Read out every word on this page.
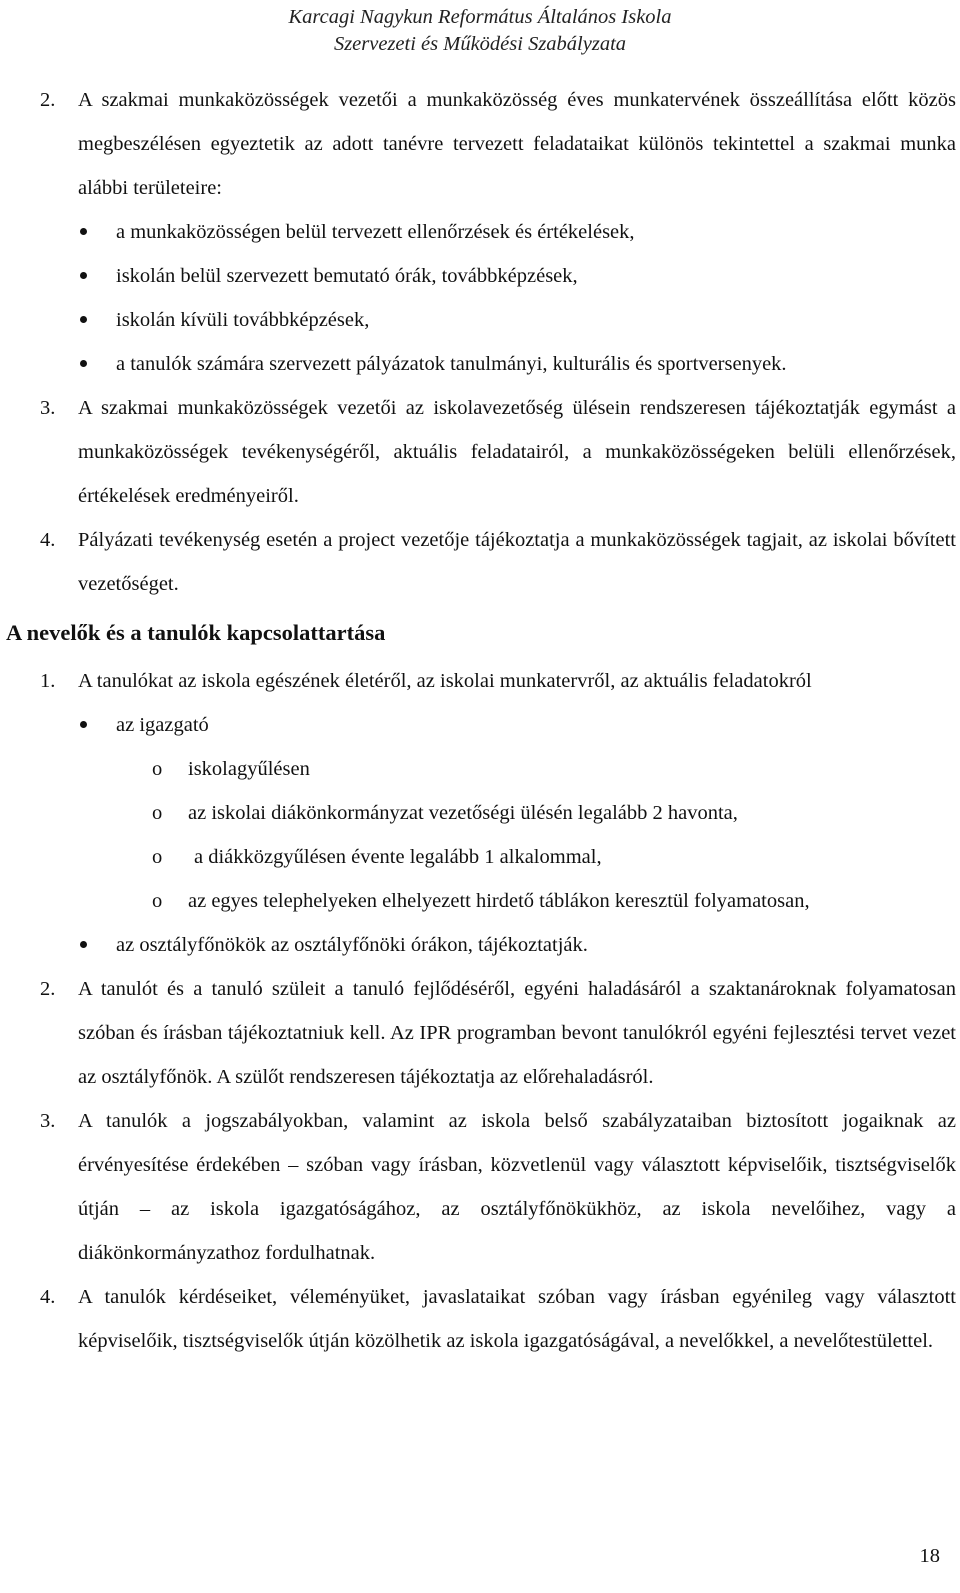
Karcagi Nagykun Református Általános Iskola
Szervezeti és Működési Szabályzata
2. A szakmai munkaközösségek vezetői a munkaközösség éves munkatervének összeállítása előtt közös megbeszélésen egyeztetik az adott tanévre tervezett feladataikat különös tekintettel a szakmai munka alábbi területeire:
a munkaközösségen belül tervezett ellenőrzések és értékelések,
iskolán belül szervezett bemutató órák, továbbképzések,
iskolán kívüli továbbképzések,
a tanulók számára szervezett pályázatok tanulmányi, kulturális és sportversenyek.
3. A szakmai munkaközösségek vezetői az iskolavezetőség ülésein rendszeresen tájékoztatják egymást a munkaközösségek tevékenységéről, aktuális feladatairól, a munkaközösségeken belüli ellenőrzések, értékelések eredményeiről.
4. Pályázati tevékenység esetén a project vezetője tájékoztatja a munkaközösségek tagjait, az iskolai bővített vezetőséget.
A nevelők és a tanulók kapcsolattartása
1. A tanulókat az iskola egészének életéről, az iskolai munkatervről, az aktuális feladatokról
az igazgató
o iskolagyűlésen
o az iskolai diákönkormányzat vezetőségi ülésén legalább 2 havonta,
o a diákközgyűlésen évente legalább 1 alkalommal,
o az egyes telephelyeken elhelyezett hirdető táblákon keresztül folyamatosan,
az osztályfőnökök az osztályfőnöki órákon, tájékoztatják.
2. A tanulót és a tanuló szüleit a tanuló fejlődéséről, egyéni haladásáról a szaktanároknak folyamatosan szóban és írásban tájékoztatniuk kell. Az IPR programban bevont tanulókról egyéni fejlesztési tervet vezet az osztályfőnök. A szülőt rendszeresen tájékoztatja az előrehaladásról.
3. A tanulók a jogszabályokban, valamint az iskola belső szabályzataiban biztosított jogaiknak az érvényesítése érdekében – szóban vagy írásban, közvetlenül vagy választott képviselőik, tisztségviselők útján – az iskola igazgatóságához, az osztályfőnökükhöz, az iskola nevelőihez, vagy a diákönkormányzathoz fordulhatnak.
4. A tanulók kérdéseiket, véleményüket, javaslataikat szóban vagy írásban egyénileg vagy választott képviselőik, tisztségviselők útján közölhetik az iskola igazgatóságával, a nevelőkkel, a nevelőtestülettel.
18
